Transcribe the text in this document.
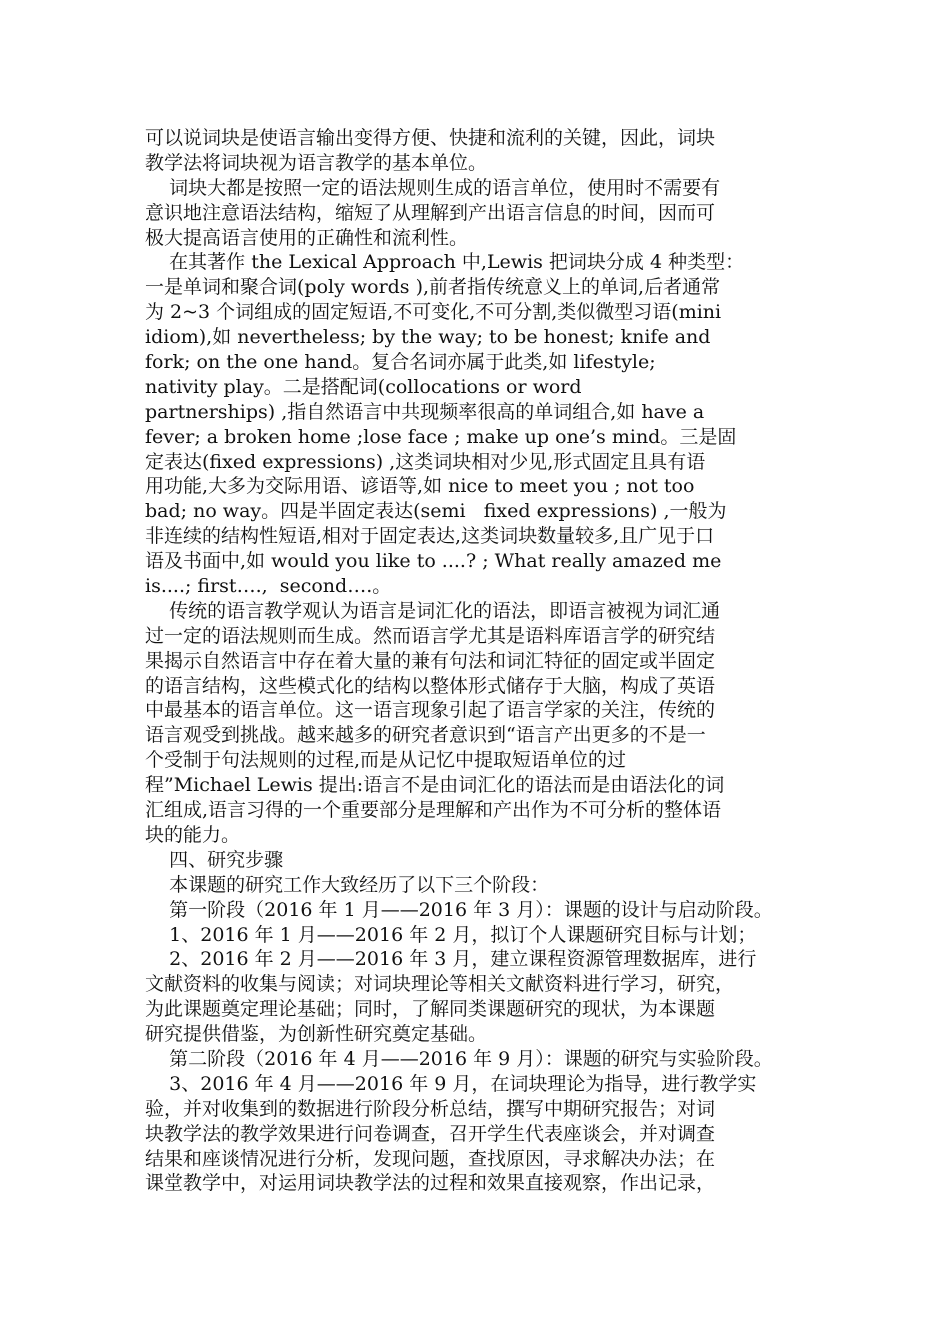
可以说词块是使语言输出变得方便、快捷和流利的关键，因此，词块
教学法将词块视为语言教学的基本单位。
词块大都是按照一定的语法规则生成的语言单位，使用时不需要有
意识地注意语法结构，缩短了从理解到产出语言信息的时间，因而可
极大提高语言使用的正确性和流利性。
在其著作 the Lexical Approach 中,Lewis 把词块分成 4 种类型：
一是单词和聚合词(poly words ),前者指传统意义上的单词,后者通常
为 2~3 个词组成的固定短语,不可变化,不可分割,类似微型习语(mini
idiom),如 nevertheless; by the way; to be honest; knife and
fork; on the one hand。复合名词亦属于此类,如 lifestyle;
nativity play。二是搭配词(collocations or word
partnerships) ,指自然语言中共现频率很高的单词组合,如 have a
fever; a broken home ;lose face ; make up one’s mind。三是固
定表达(fixed expressions) ,这类词块相对少见,形式固定且具有语
用功能,大多为交际用语、谚语等,如 nice to meet you ; not too
bad; no way。四是半固定表达(semi   fixed expressions) ,一般为
非连续的结构性短语,相对于固定表达,这类词块数量较多,且广见于口
语及书面中,如 would you like to ....? ; What really amazed me
is....; first….,  second….。
传统的语言教学观认为语言是词汇化的语法，即语言被视为词汇通
过一定的语法规则而生成。然而语言学尤其是语料库语言学的研究结
果揭示自然语言中存在着大量的兼有句法和词汇特征的固定或半固定
的语言结构，这些模式化的结构以整体形式储存于大脑，构成了英语
中最基本的语言单位。这一语言现象引起了语言学家的关注，传统的
语言观受到挑战。越来越多的研究者意识到“语言产出更多的不是一
个受制于句法规则的过程,而是从记忆中提取短语单位的过
程”Michael Lewis 提出:语言不是由词汇化的语法而是由语法化的词
汇组成,语言习得的一个重要部分是理解和产出作为不可分析的整体语
块的能力。
四、研究步骤
本课题的研究工作大致经历了以下三个阶段：
第一阶段（2016 年 1 月——2016 年 3 月）：课题的设计与启动阶段。
1、2016 年 1 月——2016 年 2 月，拟订个人课题研究目标与计划；
2、2016 年 2 月——2016 年 3 月，建立课程资源管理数据库，进行
文献资料的收集与阅读；对词块理论等相关文献资料进行学习，研究，
为此课题奠定理论基础；同时，了解同类课题研究的现状，为本课题
研究提供借鉴，为创新性研究奠定基础。
第二阶段（2016 年 4 月——2016 年 9 月）：课题的研究与实验阶段。
3、2016 年 4 月——2016 年 9 月，在词块理论为指导，进行教学实
验，并对收集到的数据进行阶段分析总结，撰写中期研究报告；对词
块教学法的教学效果进行问卷调查，召开学生代表座谈会，并对调查
结果和座谈情况进行分析，发现问题，查找原因，寻求解决办法；在
课堂教学中，对运用词块教学法的过程和效果直接观察，作出记录，
